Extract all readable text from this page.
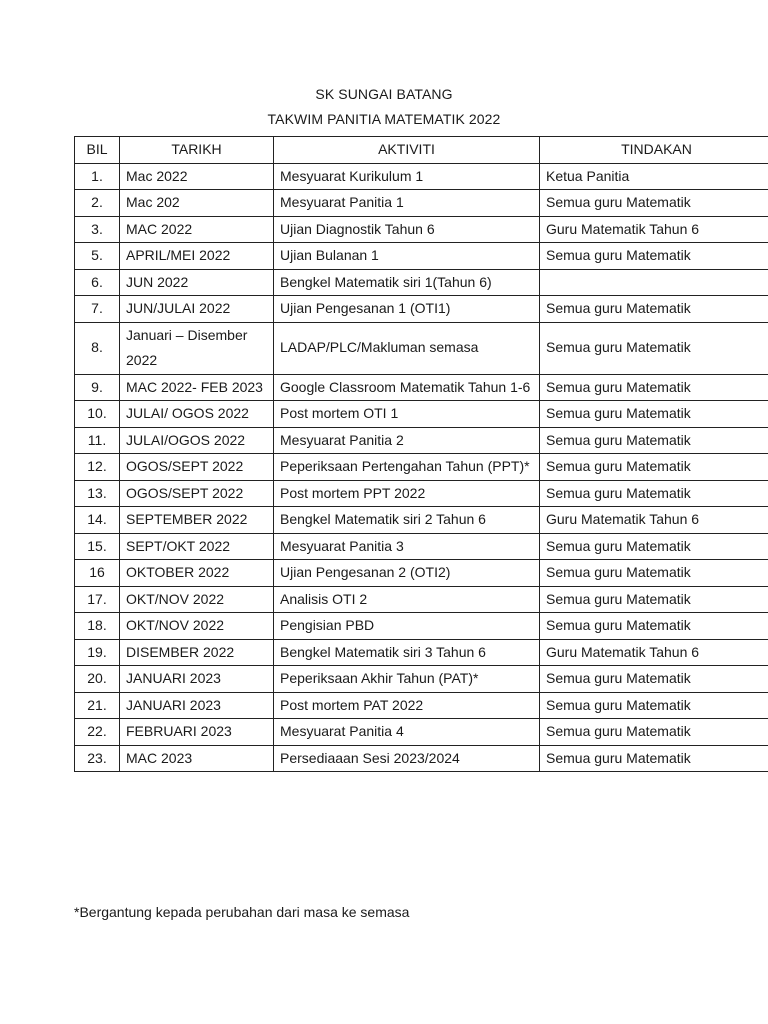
SK SUNGAI BATANG
TAKWIM PANITIA MATEMATIK 2022
BIL	TARIKH	AKTIVITI	TINDAKAN
1.	Mac 2022	Mesyuarat Kurikulum 1	Ketua Panitia
2.	Mac 202	Mesyuarat Panitia 1	Semua guru Matematik
3.	MAC 2022	Ujian Diagnostik Tahun 6	Guru Matematik Tahun 6
5.	APRIL/MEI 2022	Ujian Bulanan 1	Semua guru Matematik
6.	JUN 2022	Bengkel Matematik siri 1(Tahun 6)	
7.	JUN/JULAI 2022	Ujian Pengesanan 1 (OTI1)	Semua guru Matematik
8.	Januari – Disember 2022	LADAP/PLC/Makluman semasa	Semua guru Matematik
9.	MAC 2022- FEB 2023	Google Classroom Matematik Tahun 1-6	Semua guru Matematik
10.	JULAI/ OGOS 2022	Post mortem OTI 1	Semua guru Matematik
11.	JULAI/OGOS 2022	Mesyuarat Panitia 2	Semua guru Matematik
12.	OGOS/SEPT 2022	Peperiksaan Pertengahan Tahun (PPT)*	Semua guru Matematik
13.	OGOS/SEPT 2022	Post mortem PPT 2022	Semua guru Matematik
14.	SEPTEMBER 2022	Bengkel Matematik siri 2 Tahun 6	Guru Matematik Tahun 6
15.	SEPT/OKT 2022	Mesyuarat Panitia 3	Semua guru Matematik
16	OKTOBER 2022	Ujian Pengesanan 2 (OTI2)	Semua guru Matematik
17.	OKT/NOV 2022	Analisis OTI 2	Semua guru Matematik
18.	OKT/NOV 2022	Pengisian PBD	Semua guru Matematik
19.	DISEMBER 2022	Bengkel Matematik siri 3 Tahun 6	Guru Matematik Tahun 6
20.	JANUARI 2023	Peperiksaan Akhir Tahun (PAT)*	Semua guru Matematik
21.	JANUARI 2023	Post mortem PAT 2022	Semua guru Matematik
22.	FEBRUARI 2023	Mesyuarat Panitia 4	Semua guru Matematik
23.	MAC 2023	Persediaaan Sesi 2023/2024	Semua guru Matematik
*Bergantung kepada perubahan dari masa ke semasa
